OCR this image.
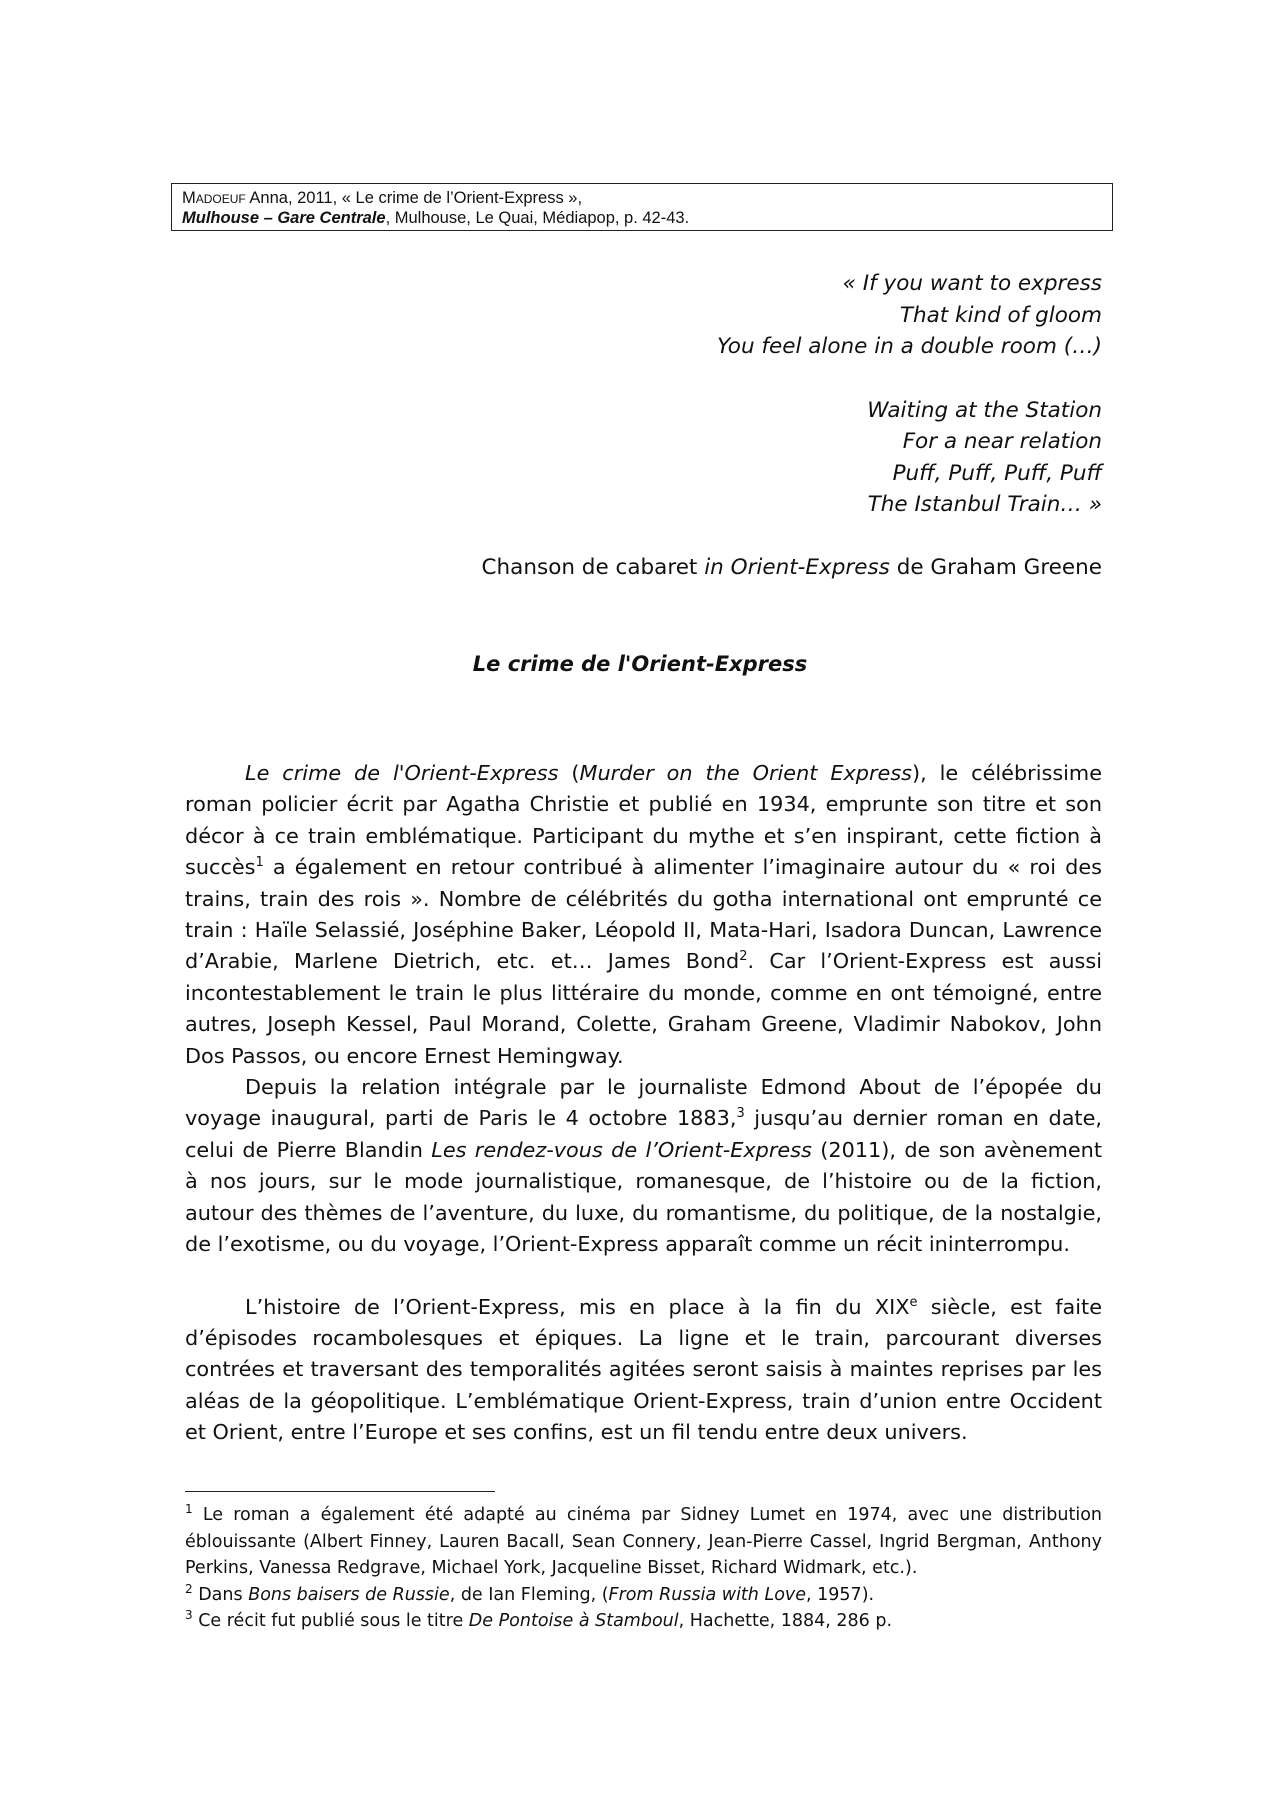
Madoeuf Anna, 2011, « Le crime de l’Orient-Express »,
Mulhouse – Gare Centrale, Mulhouse, Le Quai, Médiapop, p. 42-43.
« If you want to express
That kind of gloom
You feel alone in a double room (…)
Waiting at the Station
For a near relation
Puff, Puff, Puff, Puff
The Istanbul Train… »
Chanson de cabaret in Orient-Express de Graham Greene
Le crime de l'Orient-Express

Le crime de l'Orient-Express (Murder on the Orient Express), le célébrissime roman policier écrit par Agatha Christie et publié en 1934, emprunte son titre et son décor à ce train emblématique. Participant du mythe et s’en inspirant, cette fiction à succès$^1$ a également en retour contribué à alimenter l’imaginaire autour du « roi des trains, train des rois ». Nombre de célébrités du gotha international ont emprunté ce train : Haïle Selassié, Joséphine Baker, Léopold II, Mata-Hari, Isadora Duncan, Lawrence d’Arabie, Marlene Dietrich, etc. et… James Bond$^2$. Car l’Orient-Express est aussi incontestablement le train le plus littéraire du monde, comme en ont témoigné, entre autres, Joseph Kessel, Paul Morand, Colette, Graham Greene, Vladimir Nabokov, John Dos Passos, ou encore Ernest Hemingway.

Depuis la relation intégrale par le journaliste Edmond About de l’épopée du voyage inaugural, parti de Paris le 4 octobre 1883,$^3$ jusqu’au dernier roman en date, celui de Pierre Blandin Les rendez-vous de l’Orient-Express (2011), de son avènement à nos jours, sur le mode journalistique, romanesque, de l’histoire ou de la fiction, autour des thèmes de l’aventure, du luxe, du romantisme, du politique, de la nostalgie, de l’exotisme, ou du voyage, l’Orient-Express apparaît comme un récit ininterrompu.

L’histoire de l’Orient-Express, mis en place à la fin du XIXe siècle, est faite d’épisodes rocambolesques et épiques. La ligne et le train, parcourant diverses contrées et traversant des temporalités agitées seront saisis à maintes reprises par les aléas de la géopolitique. L’emblématique Orient-Express, train d’union entre Occident et Orient, entre l’Europe et ses confins, est un fil tendu entre deux univers.

$^1$ Le roman a également été adapté au cinéma par Sidney Lumet en 1974, avec une distribution éblouissante (Albert Finney, Lauren Bacall, Sean Connery, Jean-Pierre Cassel, Ingrid Bergman, Anthony Perkins, Vanessa Redgrave, Michael York, Jacqueline Bisset, Richard Widmark, etc.).

$^2$ Dans Bons baisers de Russie, de Ian Fleming, (From Russia with Love, 1957).

$^3$ Ce récit fut publié sous le titre De Pontoise à Stamboul, Hachette, 1884, 286 p.
